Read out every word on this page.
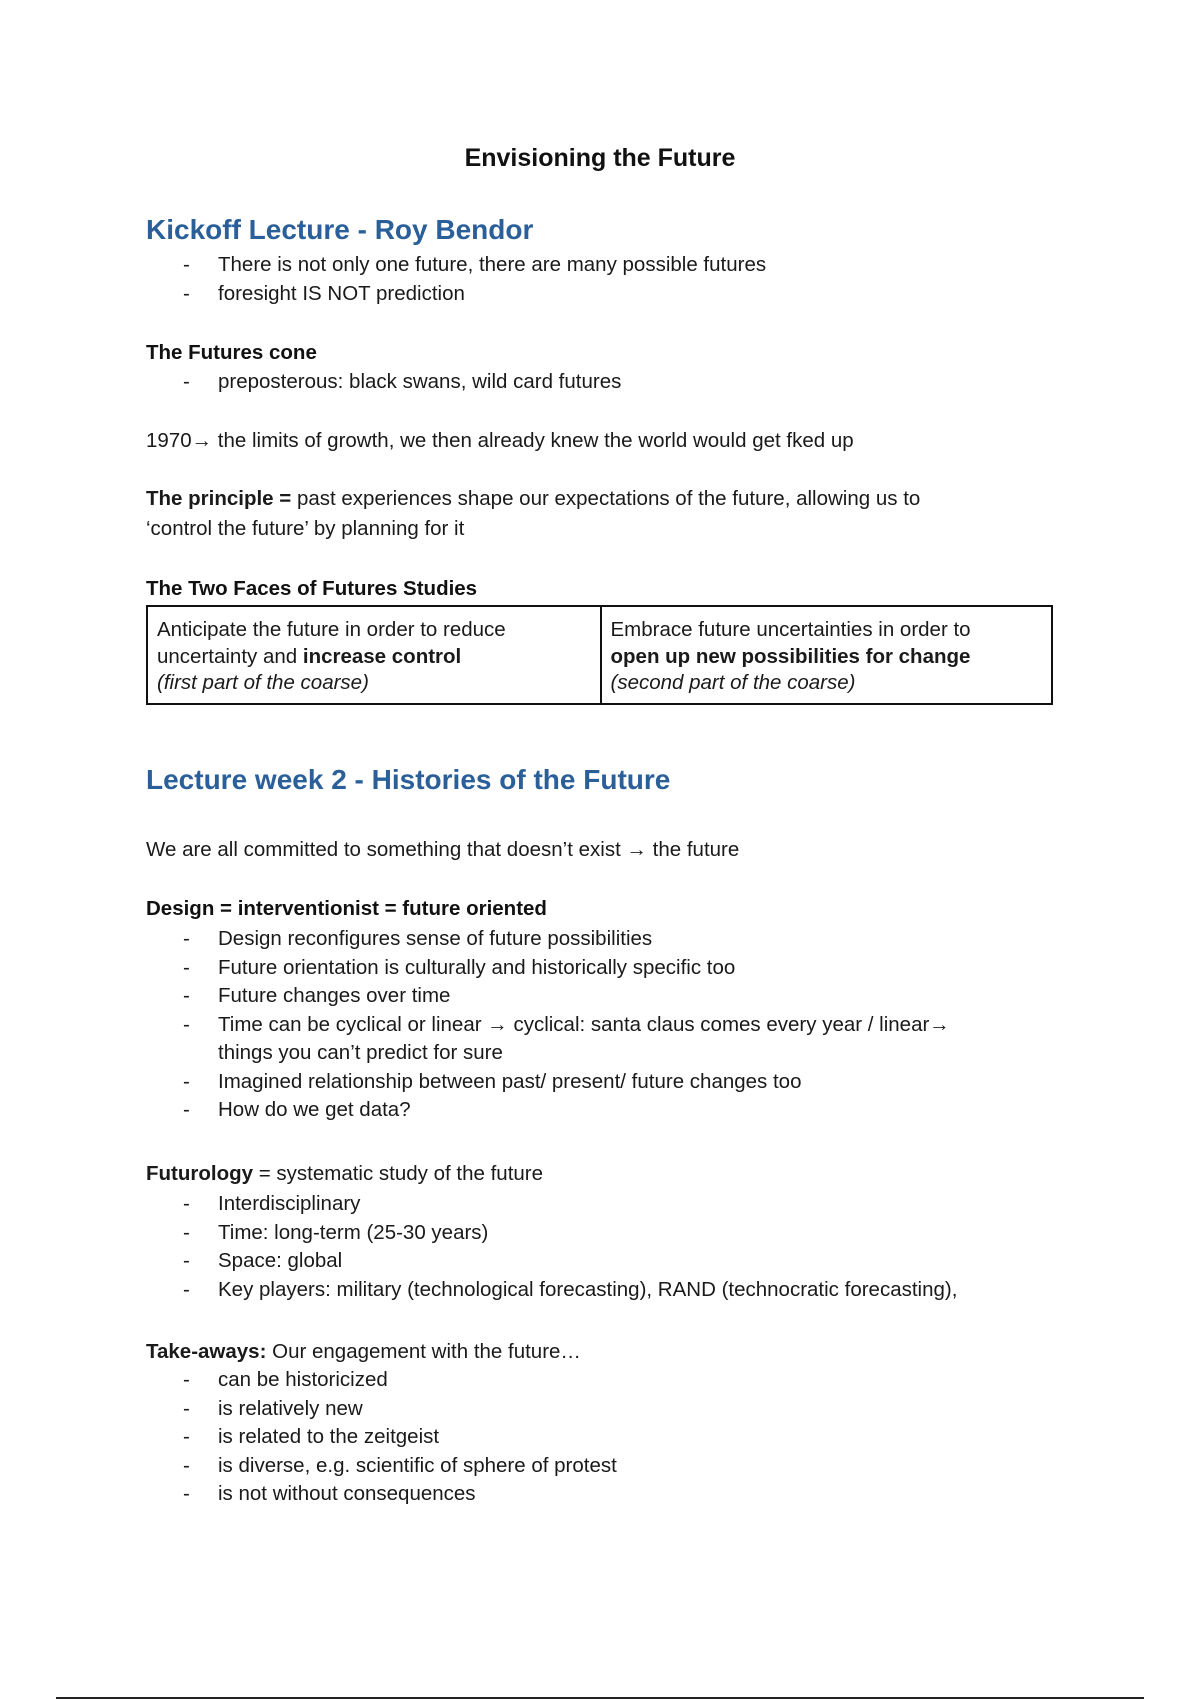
Envisioning the Future
Kickoff Lecture - Roy Bendor
- There is not only one future, there are many possible futures
- foresight IS NOT prediction
The Futures cone
- preposterous: black swans, wild card futures
1970→ the limits of growth, we then already knew the world would get fked up
The principle = past experiences shape our expectations of the future, allowing us to
‘control the future’ by planning for it
The Two Faces of Futures Studies
Anticipate the future in order to reduce
uncertainty and increase control
(first part of the coarse)
Embrace future uncertainties in order to
open up new possibilities for change
(second part of the coarse)
Lecture week 2 - Histories of the Future
We are all committed to something that doesn’t exist → the future
Design = interventionist = future oriented
- Design reconfigures sense of future possibilities
- Future orientation is culturally and historically specific too
- Future changes over time
- Time can be cyclical or linear → cyclical: santa claus comes every year / linear→
things you can’t predict for sure
- Imagined relationship between past/ present/ future changes too
- How do we get data?
Futurology = systematic study of the future
- Interdisciplinary
- Time: long-term (25-30 years)
- Space: global
- Key players: military (technological forecasting), RAND (technocratic forecasting),
Take-aways: Our engagement with the future…
- can be historicized
- is relatively new
- is related to the zeitgeist
- is diverse, e.g. scientific of sphere of protest
- is not without consequences
